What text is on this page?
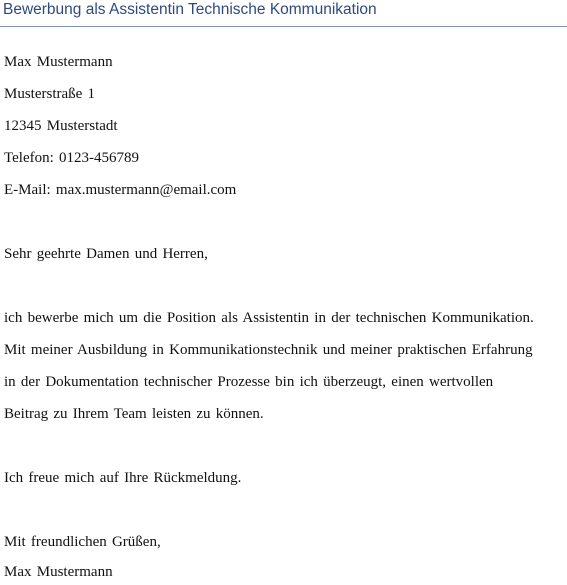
Bewerbung als Assistentin Technische Kommunikation
Max Mustermann
Musterstraße 1
12345 Musterstadt
Telefon: 0123-456789
E-Mail: max.mustermann@email.com
Sehr geehrte Damen und Herren,
ich bewerbe mich um die Position als Assistentin in der technischen Kommunikation.
Mit meiner Ausbildung in Kommunikationstechnik und meiner praktischen Erfahrung
in der Dokumentation technischer Prozesse bin ich überzeugt, einen wertvollen
Beitrag zu Ihrem Team leisten zu können.
Ich freue mich auf Ihre Rückmeldung.
Mit freundlichen Grüßen,
Max Mustermann
